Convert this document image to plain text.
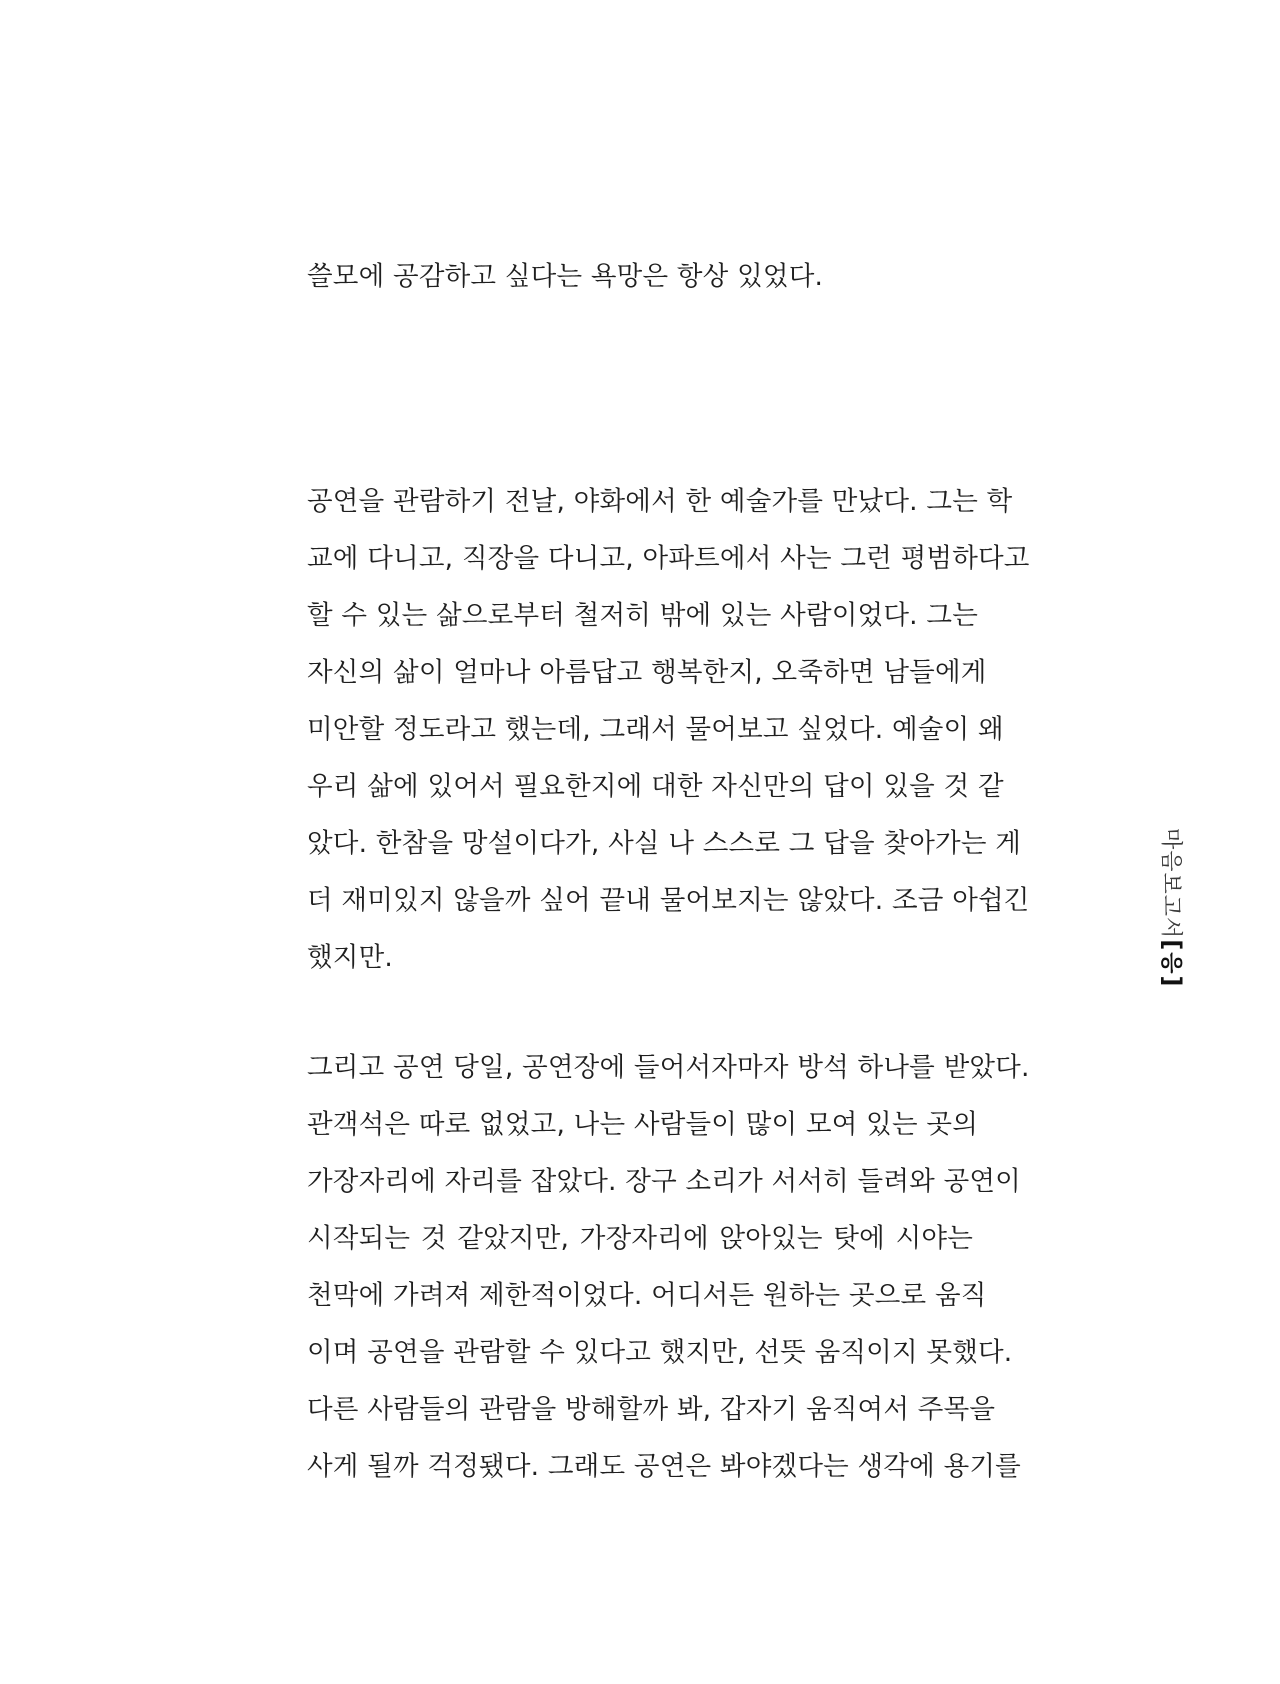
쓸모에 공감하고 싶다는 욕망은 항상 있었다.
공연을 관람하기 전날, 야화에서 한 예술가를 만났다. 그는 학
교에 다니고, 직장을 다니고, 아파트에서 사는 그런 평범하다고
할 수 있는 삶으로부터 철저히 밖에 있는 사람이었다. 그는
자신의 삶이 얼마나 아름답고 행복한지, 오죽하면 남들에게
미안할 정도라고 했는데, 그래서 물어보고 싶었다. 예술이 왜
우리 삶에 있어서 필요한지에 대한 자신만의 답이 있을 것 같
았다. 한참을 망설이다가, 사실 나 스스로 그 답을 찾아가는 게
더 재미있지 않을까 싶어 끝내 물어보지는 않았다. 조금 아쉽긴
했지만.
그리고 공연 당일, 공연장에 들어서자마자 방석 하나를 받았다.
관객석은 따로 없었고, 나는 사람들이 많이 모여 있는 곳의
가장자리에 자리를 잡았다. 장구 소리가 서서히 들려와 공연이
시작되는 것 같았지만, 가장자리에 앉아있는 탓에 시야는
천막에 가려져 제한적이었다. 어디서든 원하는 곳으로 움직
이며 공연을 관람할 수 있다고 했지만, 선뜻 움직이지 못했다.
다른 사람들의 관람을 방해할까 봐, 갑자기 움직여서 주목을
사게 될까 걱정됐다. 그래도 공연은 봐야겠다는 생각에 용기를
마음보고서[응]
